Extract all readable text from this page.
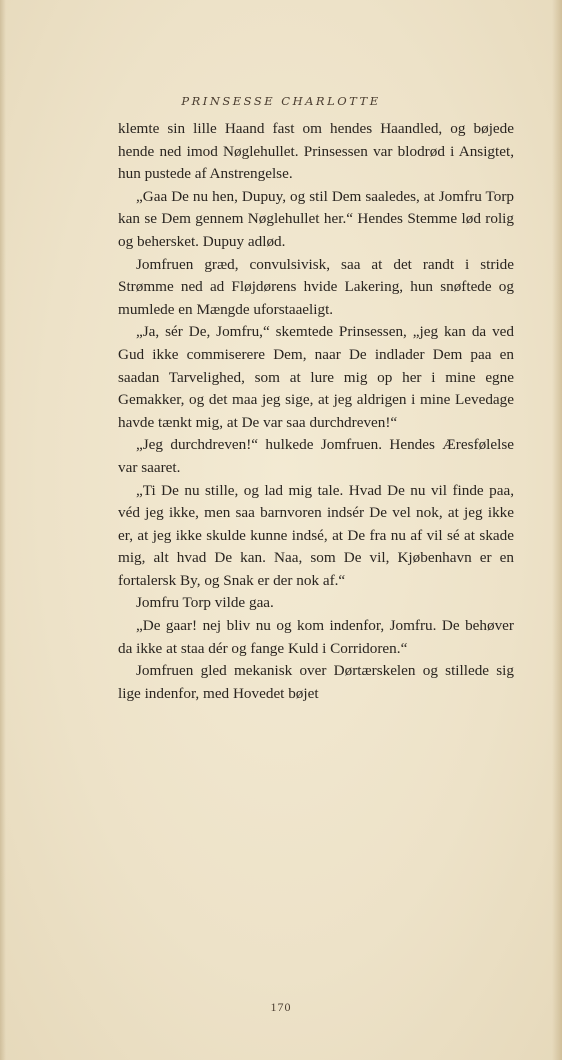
PRINSESSE CHARLOTTE

klemte sin lille Haand fast om hendes Haandled, og bøjede hende ned imod Nøglehullet. Prinsessen var blodrød i Ansigtet, hun pustede af Anstrengelse.

„Gaa De nu hen, Dupuy, og stil Dem saaledes, at Jomfru Torp kan se Dem gennem Nøglehullet her.“ Hendes Stemme lød rolig og behersket. Dupuy adlød.

Jomfruen græd, convulsivisk, saa at det randt i stride Strømme ned ad Fløjdørens hvide Lakering, hun snøftede og mumlede en Mængde uforstaaeligt.

„Ja, sér De, Jomfru,“ skemtede Prinsessen, „jeg kan da ved Gud ikke commiserere Dem, naar De indlader Dem paa en saadan Tarvelighed, som at lure mig op her i mine egne Gemakker, og det maa jeg sige, at jeg aldrigen i mine Levedage havde tænkt mig, at De var saa durchdreven!“

„Jeg durchdreven!“ hulkede Jomfruen. Hendes Æresfølelse var saaret.

„Ti De nu stille, og lad mig tale. Hvad De nu vil finde paa, véd jeg ikke, men saa barnvoren indsér De vel nok, at jeg ikke er, at jeg ikke skulde kunne indsé, at De fra nu af vil sé at skade mig, alt hvad De kan. Naa, som De vil, Kjøbenhavn er en fortalersk By, og Snak er der nok af.“

Jomfru Torp vilde gaa.

„De gaar! nej bliv nu og kom indenfor, Jomfru. De behøver da ikke at staa dér og fange Kuld i Corridoren.“

Jomfruen gled mekanisk over Dørtærskelen og stillede sig lige indenfor, med Hovedet bøjet

170
